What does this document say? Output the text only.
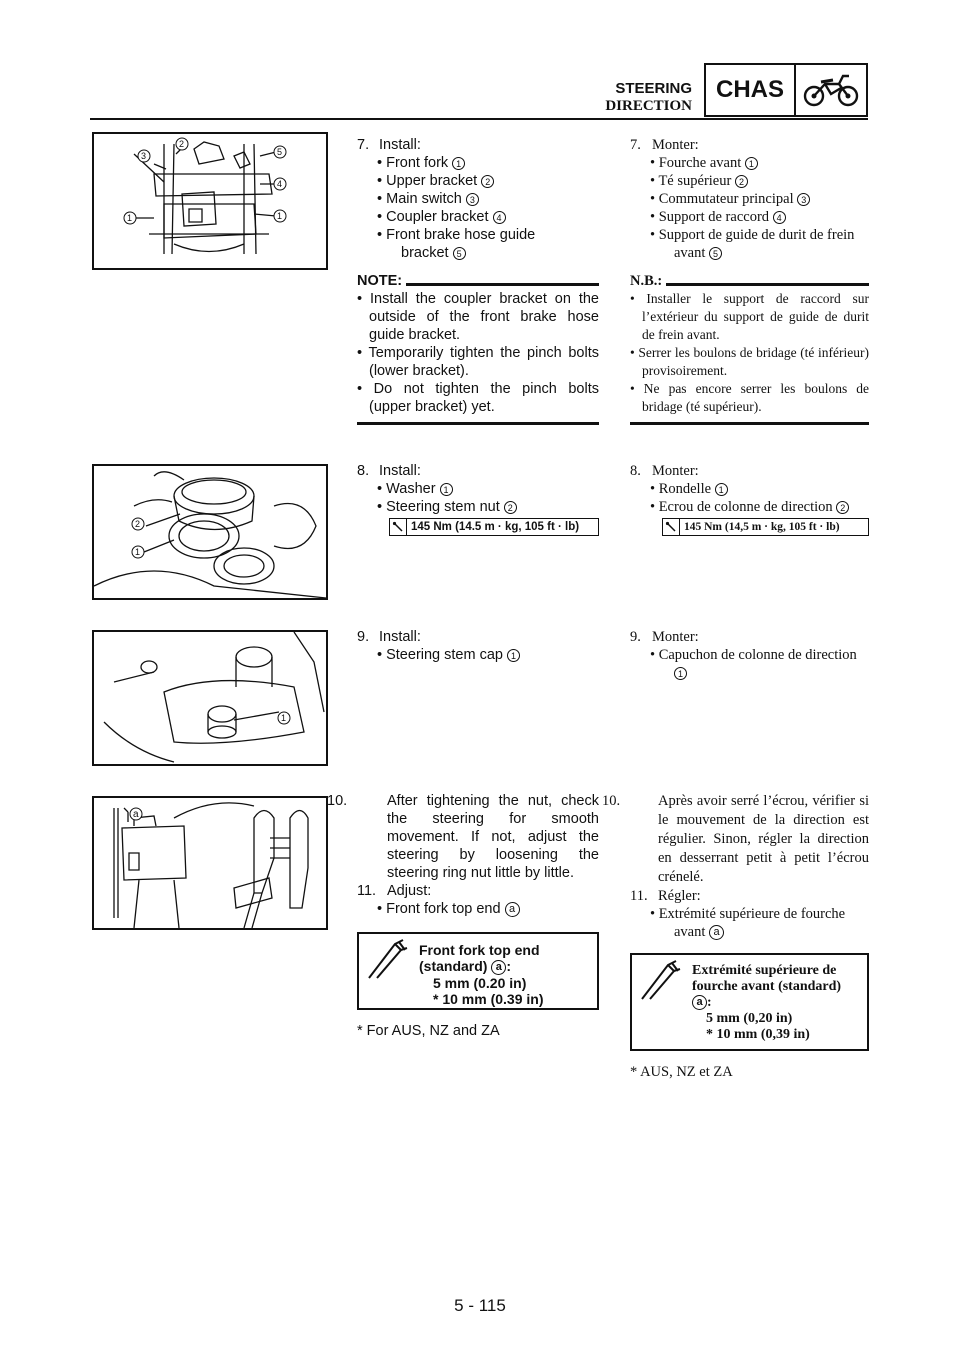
STEERING
DIRECTION
CHAS
1
2
3
4
5
1
2
1
1
a

7. Install:

• Front fork 1

• Upper bracket 2

• Main switch 3

• Coupler bracket 4

• Front brake hose guide

bracket 5

NOTE:

• Install the coupler bracket on the outside of the front brake hose guide bracket.

• Temporarily tighten the pinch bolts (lower bracket).

• Do not tighten the pinch bolts (upper bracket) yet.

7. Monter:

• Fourche avant 1

• Té supérieur 2

• Commutateur principal 3

• Support de raccord 4

• Support de guide de durit de frein

avant 5

N.B.:

• Installer le support de raccord sur l’extérieur du support de guide de durit de frein avant.

• Serrer les boulons de bridage (té inférieur) provisoirement.

• Ne pas encore serrer les boulons de bridage (té supérieur).

8. Install:

• Washer 1

• Steering stem nut 2

145 Nm (14.5 m · kg, 105 ft · lb)

8. Monter:

• Rondelle 1

• Ecrou de colonne de direction 2

145 Nm (14,5 m · kg, 105 ft · lb)

9. Install:

• Steering stem cap 1

9. Monter:

• Capuchon de colonne de direction

1

10.	After tightening the nut, check the steering for smooth movement. If not, adjust the steering by loosening the steering ring nut little by little.

11. Adjust:

• Front fork top end a

Front fork top end
(standard) a :
5 mm (0.20 in)
* 10 mm (0.39 in)

* For AUS, NZ and ZA

10.	Après avoir serré l’écrou, vérifier si le mouvement de la direction est régulier. Sinon, régler la direction en desserrant petit à petit l’écrou crénelé.

11. Régler:

• Extrémité supérieure de fourche

avant a

Extrémité supérieure de
fourche avant (standard)
a :
5 mm (0,20 in)
* 10 mm (0,39 in)

* AUS, NZ et ZA

5 - 115
